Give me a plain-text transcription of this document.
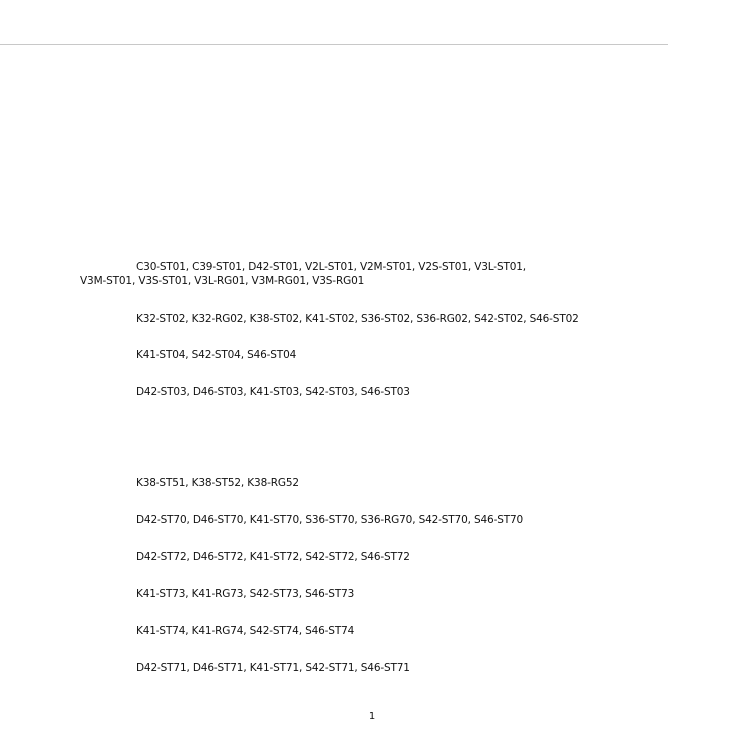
C30-ST01, C39-ST01, D42-ST01, V2L-ST01, V2M-ST01, V2S-ST01, V3L-ST01,

V3M-ST01, V3S-ST01, V3L-RG01, V3M-RG01, V3S-RG01

K32-ST02, K32-RG02, K38-ST02, K41-ST02, S36-ST02, S36-RG02, S42-ST02, S46-ST02

K41-ST04, S42-ST04, S46-ST04

D42-ST03, D46-ST03, K41-ST03, S42-ST03, S46-ST03

K38-ST51, K38-ST52, K38-RG52

D42-ST70, D46-ST70, K41-ST70, S36-ST70, S36-RG70, S42-ST70, S46-ST70

D42-ST72, D46-ST72, K41-ST72, S42-ST72, S46-ST72

K41-ST73, K41-RG73, S42-ST73, S46-ST73

K41-ST74, K41-RG74, S42-ST74, S46-ST74

D42-ST71, D46-ST71, K41-ST71, S42-ST71, S46-ST71

1
